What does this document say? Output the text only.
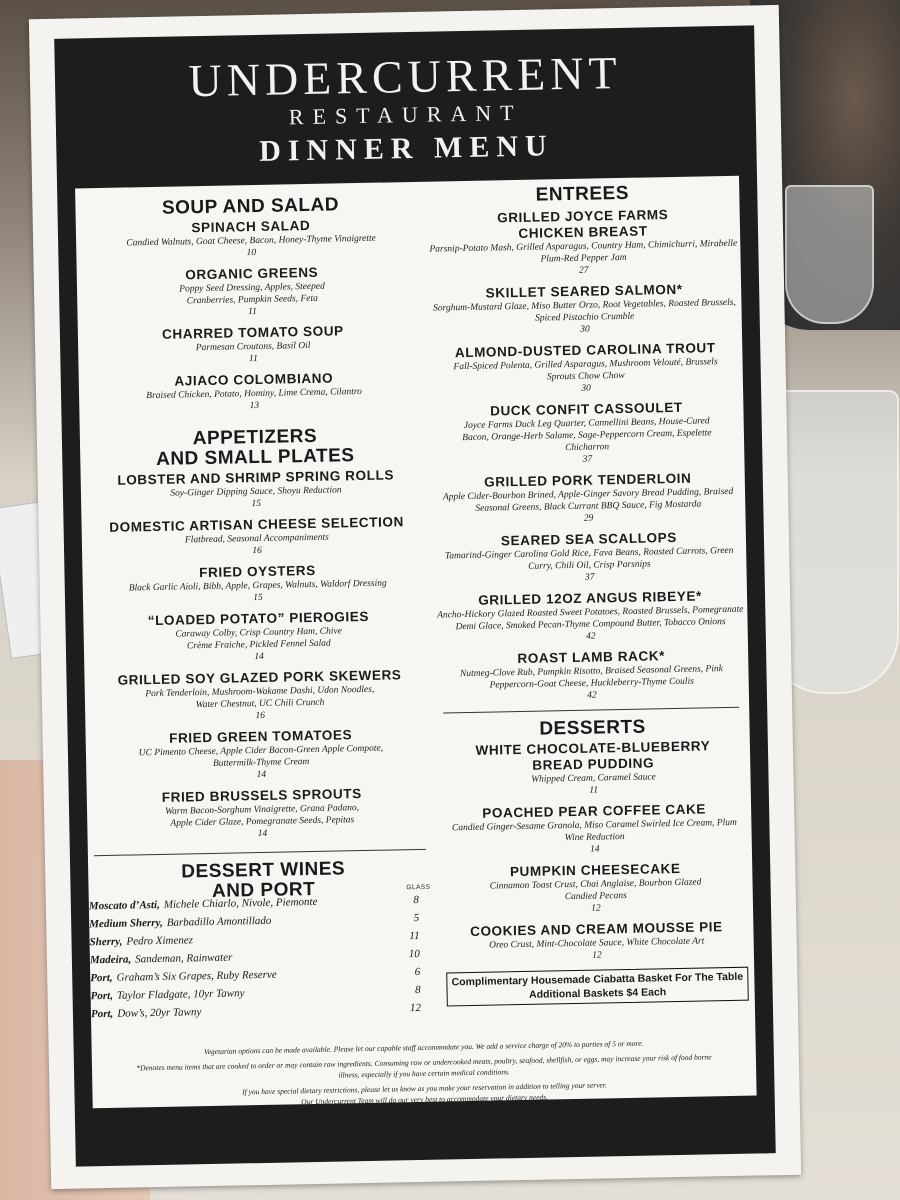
UNDERCURRENT
RESTAURANT
DINNER MENU
SOUP AND SALAD
SPINACH SALAD
Candied Walnuts, Goat Cheese, Bacon, Honey-Thyme Vinaigrette
10
ORGANIC GREENS
Poppy Seed Dressing, Apples, Steeped Cranberries, Pumpkin Seeds, Feta
11
CHARRED TOMATO SOUP
Parmesan Croutons, Basil Oil
11
AJIACO COLOMBIANO
Braised Chicken, Potato, Hominy, Lime Crema, Cilantro
13
APPETIZERS
AND SMALL PLATES
LOBSTER AND SHRIMP SPRING ROLLS
Soy-Ginger Dipping Sauce, Shoyu Reduction
15
DOMESTIC ARTISAN CHEESE SELECTION
Flatbread, Seasonal Accompaniments
16
FRIED OYSTERS
Black Garlic Aioli, Bibb, Apple, Grapes, Walnuts, Waldorf Dressing
15
“LOADED POTATO” PIEROGIES
Caraway Colby, Crisp Country Ham, Chive Crème Fraiche, Pickled Fennel Salad
14
GRILLED SOY GLAZED PORK SKEWERS
Pork Tenderloin, Mushroom-Wakame Dashi, Udon Noodles, Water Chestnut, UC Chili Crunch
16
FRIED GREEN TOMATOES
UC Pimento Cheese, Apple Cider Bacon-Green Apple Compote, Buttermilk-Thyme Cream
14
FRIED BRUSSELS SPROUTS
Warm Bacon-Sorghum Vinaigrette, Grana Padano, Apple Cider Glaze, Pomegranate Seeds, Pepitas
14
DESSERT WINES
AND PORT	GLASS
Moscato d’Asti, Michele Chiarlo, Nivole, Piemonte	8
Medium Sherry, Barbadillo Amontillado	5
Sherry, Pedro Ximenez	11
Madeira, Sandeman, Rainwater	10
Port, Graham’s Six Grapes, Ruby Reserve	6
Port, Taylor Fladgate, 10yr Tawny	8
Port, Dow’s, 20yr Tawny	12
ENTREES
GRILLED JOYCE FARMS CHICKEN BREAST
Parsnip-Potato Mash, Grilled Asparagus, Country Ham, Chimichurri, Mirabelle Plum-Red Pepper Jam
27
SKILLET SEARED SALMON*
Sorghum-Mustard Glaze, Miso Butter Orzo, Root Vegetables, Roasted Brussels, Spiced Pistachio Crumble
30
ALMOND-DUSTED CAROLINA TROUT
Fall-Spiced Polenta, Grilled Asparagus, Mushroom Velouté, Brussels Sprouts Chow Chow
30
DUCK CONFIT CASSOULET
Joyce Farms Duck Leg Quarter, Cannellini Beans, House-Cured Bacon, Orange-Herb Salame, Sage-Peppercorn Cream, Espelette Chicharron
37
GRILLED PORK TENDERLOIN
Apple Cider-Bourbon Brined, Apple-Ginger Savory Bread Pudding, Braised Seasonal Greens, Black Currant BBQ Sauce, Fig Mostarda
29
SEARED SEA SCALLOPS
Tamarind-Ginger Carolina Gold Rice, Fava Beans, Roasted Carrots, Green Curry, Chili Oil, Crisp Parsnips
37
GRILLED 12OZ ANGUS RIBEYE*
Ancho-Hickory Glazed Roasted Sweet Potatoes, Roasted Brussels, Pomegranate Demi Glace, Smoked Pecan-Thyme Compound Butter, Tobacco Onions
42
ROAST LAMB RACK*
Nutmeg-Clove Rub, Pumpkin Risotto, Braised Seasonal Greens, Pink Peppercorn-Goat Cheese, Huckleberry-Thyme Coulis
42
DESSERTS
WHITE CHOCOLATE-BLUEBERRY BREAD PUDDING
Whipped Cream, Caramel Sauce
11
POACHED PEAR COFFEE CAKE
Candied Ginger-Sesame Granola, Miso Caramel Swirled Ice Cream, Plum Wine Reduction
14
PUMPKIN CHEESECAKE
Cinnamon Toast Crust, Chai Anglaise, Bourbon Glazed Candied Pecans
12
COOKIES AND CREAM MOUSSE PIE
Oreo Crust, Mint-Chocolate Sauce, White Chocolate Art
12
Complimentary Housemade Ciabatta Basket For The Table
Additional Baskets $4 Each

Vegetarian options can be made available. Please let our capable staff accommodate you. We add a service charge of 20% to parties of 5 or more.

*Denotes menu items that are cooked to order or may contain raw ingredients. Consuming raw or undercooked meats, poultry, seafood, shellfish, or eggs, may increase your risk of food borne illness, especially if you have certain medical conditions.

If you have special dietary restrictions, please let us know as you make your reservation in addition to telling your server.

Our Undercurrent Team will do our very best to accommodate your dietary needs.
